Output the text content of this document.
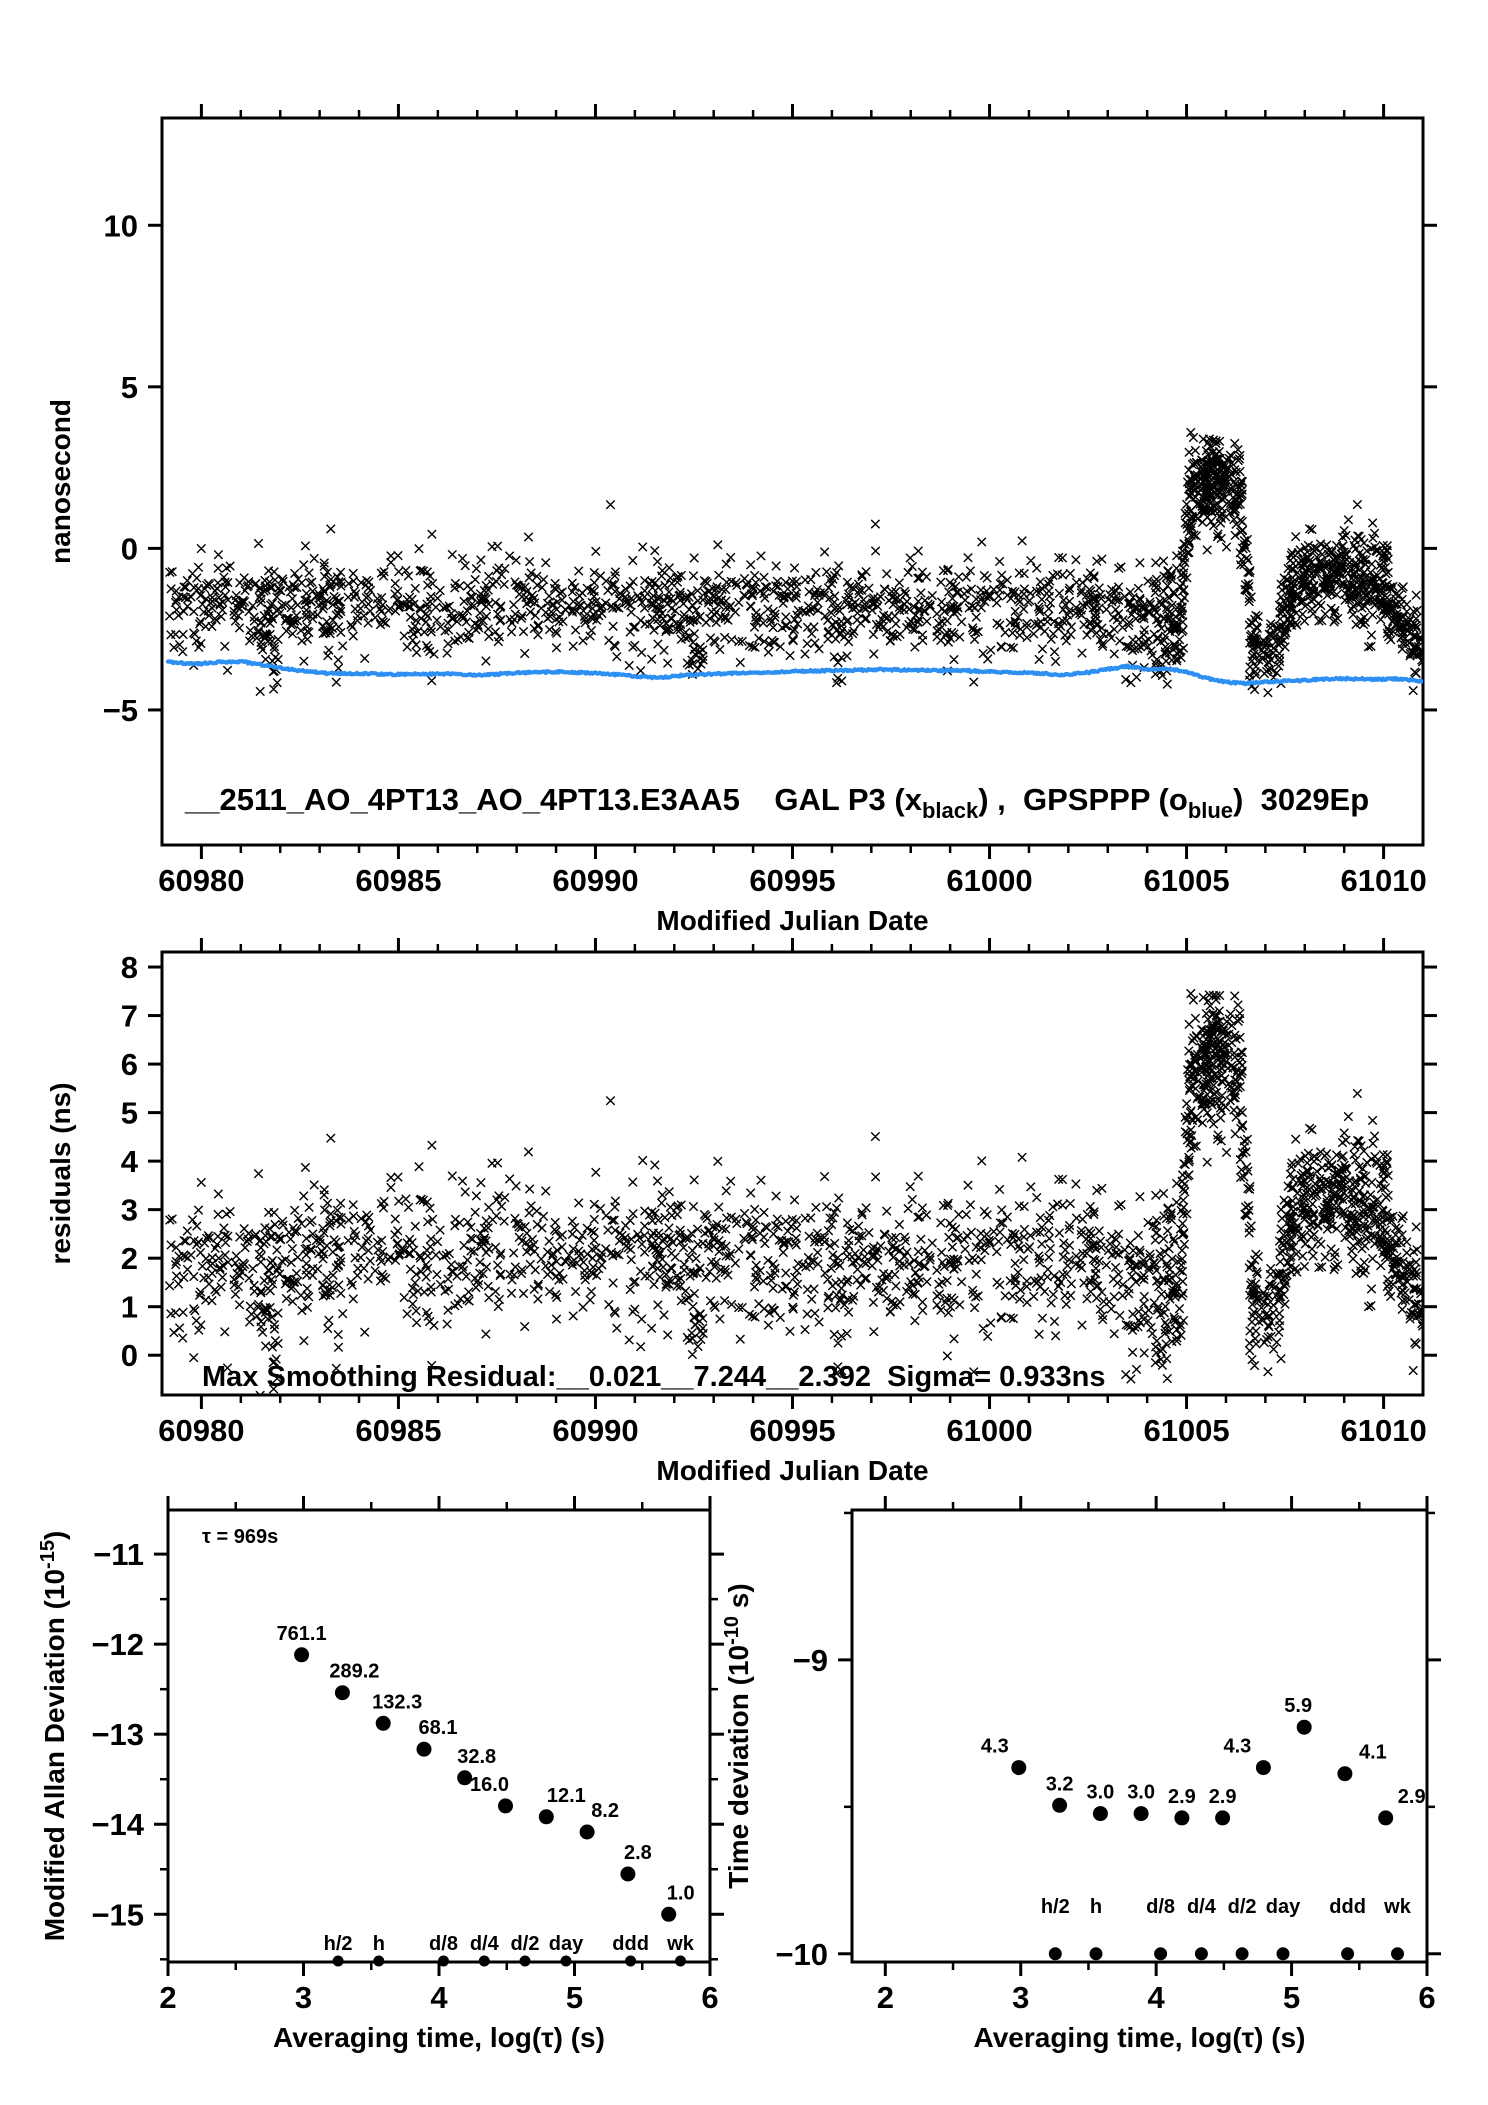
60980	60985	60990	60995	61000	61005	61010
10
5
0
−5
Modified Julian Date
nanosecond
__2511_AO_4PT13_AO_4PT13.E3AA5    GAL P3 $(x_{black})$ ,  GPSPPP $(o_{blue})$  3029Ep
60980	60985	60990	60995	61000	61005	61010
8
7
6
5
4
3
2
1
0
Modified Julian Date
residuals (ns)
Max Smoothing Residual:__0.021__7.244__2.392  Sigma= 0.933ns
2	3	4	5	6
−11
−12
−13
−14
−15
Averaging time, log(τ) (s)
Modified Allan Deviation $(10^{-15})$
761.1
289.2
132.3
68.1
32.8
16.0 12.1
8.2
2.8
1.0
h/2 h d/8 d/4 d/2 day ddd wk
τ = 969s
2	3	4	5	6
−9
−10
Averaging time, log(τ) (s)
Time deviation ($10^{-10}$ s)
4.3
3.2 3.0 3.0 2.9 2.9
4.3
5.9
4.1
2.9
h/2 h d/8 d/4 d/2 day ddd wk
